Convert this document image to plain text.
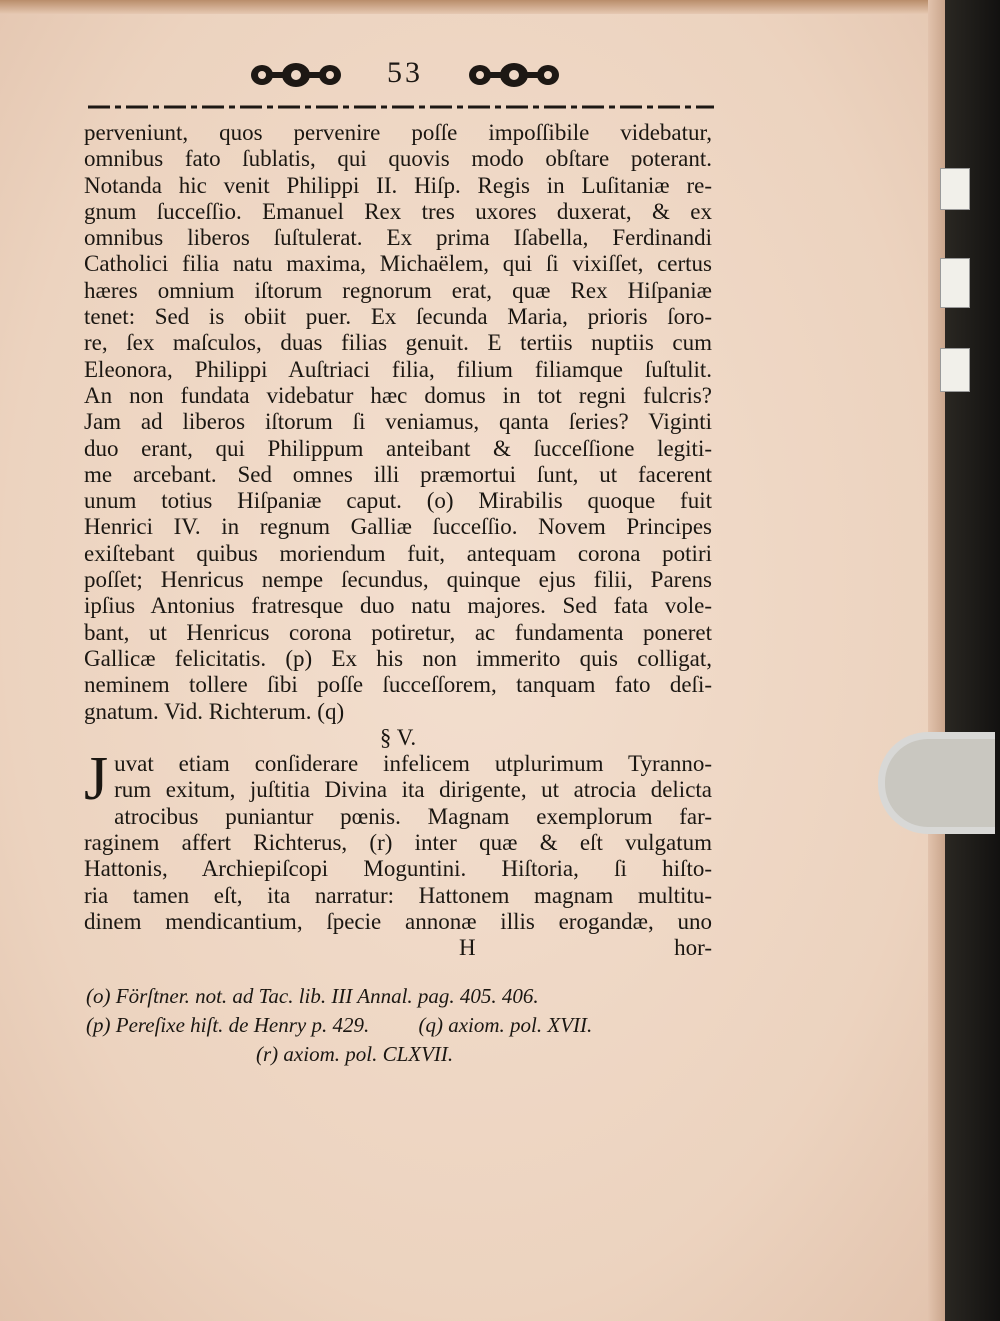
53
perveniunt, quos pervenire poſſe impoſſibile videbatur,
omnibus fato ſublatis, qui quovis modo obſtare poterant.
Notanda hic venit Philippi II. Hiſp. Regis in Luſitaniæ re-
gnum ſucceſſio. Emanuel Rex tres uxores duxerat, & ex
omnibus liberos ſuſtulerat. Ex prima Iſabella, Ferdinandi
Catholici filia natu maxima, Michaëlem, qui ſi vixiſſet, certus
hæres omnium iſtorum regnorum erat, quæ Rex Hiſpaniæ
tenet: Sed is obiit puer. Ex ſecunda Maria, prioris ſoro-
re, ſex maſculos, duas filias genuit. E tertiis nuptiis cum
Eleonora, Philippi Auſtriaci filia, filium filiamque ſuſtulit.
An non fundata videbatur hæc domus in tot regni fulcris?
Jam ad liberos iſtorum ſi veniamus, qanta ſeries? Viginti
duo erant, qui Philippum anteibant & ſucceſſione legiti-
me arcebant. Sed omnes illi præmortui ſunt, ut facerent
unum totius Hiſpaniæ caput. (o) Mirabilis quoque fuit
Henrici IV. in regnum Galliæ ſucceſſio. Novem Principes
exiſtebant quibus moriendum fuit, antequam corona potiri
poſſet; Henricus nempe ſecundus, quinque ejus filii, Parens
ipſius Antonius fratresque duo natu majores. Sed fata vole-
bant, ut Henricus corona potiretur, ac fundamenta poneret
Gallicæ felicitatis. (p) Ex his non immerito quis colligat,
neminem tollere ſibi poſſe ſucceſſorem, tanquam fato deſi-
gnatum. Vid. Richterum. (q)
§ V.
J uvat etiam conſiderare infelicem utplurimum Tyranno-
rum exitum, juſtitia Divina ita dirigente, ut atrocia delicta
atrocibus puniantur pœnis. Magnam exemplorum far-
raginem affert Richterus, (r) inter quæ & eſt vulgatum
Hattonis, Archiepiſcopi Moguntini. Hiſtoria, ſi hiſto-
ria tamen eſt, ita narratur: Hattonem magnam multitu-
dinem mendicantium, ſpecie annonæ illis erogandæ, uno
H	hor-
(o) Förſtner. not. ad Tac. lib. III Annal. pag. 405. 406.
(p) Pereſixe hiſt. de Henry p. 429. (q) axiom. pol. XVII.
(r) axiom. pol. CLXVII.
